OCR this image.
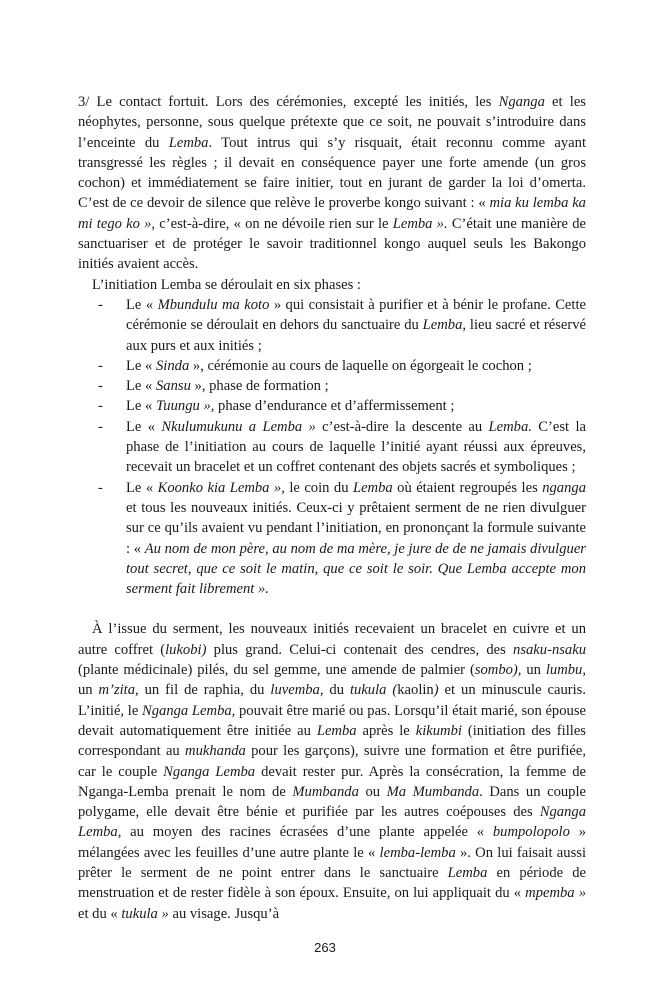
3/ Le contact fortuit. Lors des cérémonies, excepté les initiés, les Nganga et les néophytes, personne, sous quelque prétexte que ce soit, ne pouvait s’introduire dans l’enceinte du Lemba. Tout intrus qui s’y risquait, était reconnu comme ayant transgressé les règles ; il devait en conséquence payer une forte amende (un gros cochon) et immédiatement se faire initier, tout en jurant de garder la loi d’omerta. C’est de ce devoir de silence que relève le proverbe kongo suivant : « mia ku lemba ka mi tego ko », c’est-à-dire, « on ne dévoile rien sur le Lemba ». C’était une manière de sanctuariser et de protéger le savoir traditionnel kongo auquel seuls les Bakongo initiés avaient accès.

L’initiation Lemba se déroulait en six phases :

- Le « Mbundulu ma koto » qui consistait à purifier et à bénir le profane. Cette cérémonie se déroulait en dehors du sanctuaire du Lemba, lieu sacré et réservé aux purs et aux initiés ;
- Le « Sinda », cérémonie au cours de laquelle on égorgeait le cochon ;
- Le « Sansu », phase de formation ;
- Le « Tuungu », phase d’endurance et d’affermissement ;
- Le « Nkulumukunu a Lemba » c’est-à-dire la descente au Lemba. C’est la phase de l’initiation au cours de laquelle l’initié ayant réussi aux épreuves, recevait un bracelet et un coffret contenant des objets sacrés et symboliques ;
- Le « Koonko kia Lemba », le coin du Lemba où étaient regroupés les nganga et tous les nouveaux initiés. Ceux-ci y prêtaient serment de ne rien divulguer sur ce qu’ils avaient vu pendant l’initiation, en prononçant la formule suivante : « Au nom de mon père, au nom de ma mère, je jure de de ne jamais divulguer tout secret, que ce soit le matin, que ce soit le soir. Que Lemba accepte mon serment fait librement ».

À l’issue du serment, les nouveaux initiés recevaient un bracelet en cuivre et un autre coffret (lukobi) plus grand. Celui-ci contenait des cendres, des nsaku-nsaku (plante médicinale) pilés, du sel gemme, une amende de palmier (sombo), un lumbu, un m’zita, un fil de raphia, du luvemba, du tukula (kaolin) et un minuscule cauris. L’initié, le Nganga Lemba, pouvait être marié ou pas. Lorsqu’il était marié, son épouse devait automatiquement être initiée au Lemba après le kikumbi (initiation des filles correspondant au mukhanda pour les garçons), suivre une formation et être purifiée, car le couple Nganga Lemba devait rester pur. Après la consécration, la femme de Nganga-Lemba prenait le nom de Mumbanda ou Ma Mumbanda. Dans un couple polygame, elle devait être bénie et purifiée par les autres coépouses des Nganga Lemba, au moyen des racines écrasées d’une plante appelée « bumpolopolo » mélangées avec les feuilles d’une autre plante le « lemba-lemba ». On lui faisait aussi prêter le serment de ne point entrer dans le sanctuaire Lemba en période de menstruation et de rester fidèle à son époux. Ensuite, on lui appliquait du « mpemba » et du « tukula » au visage. Jusqu’à

263
